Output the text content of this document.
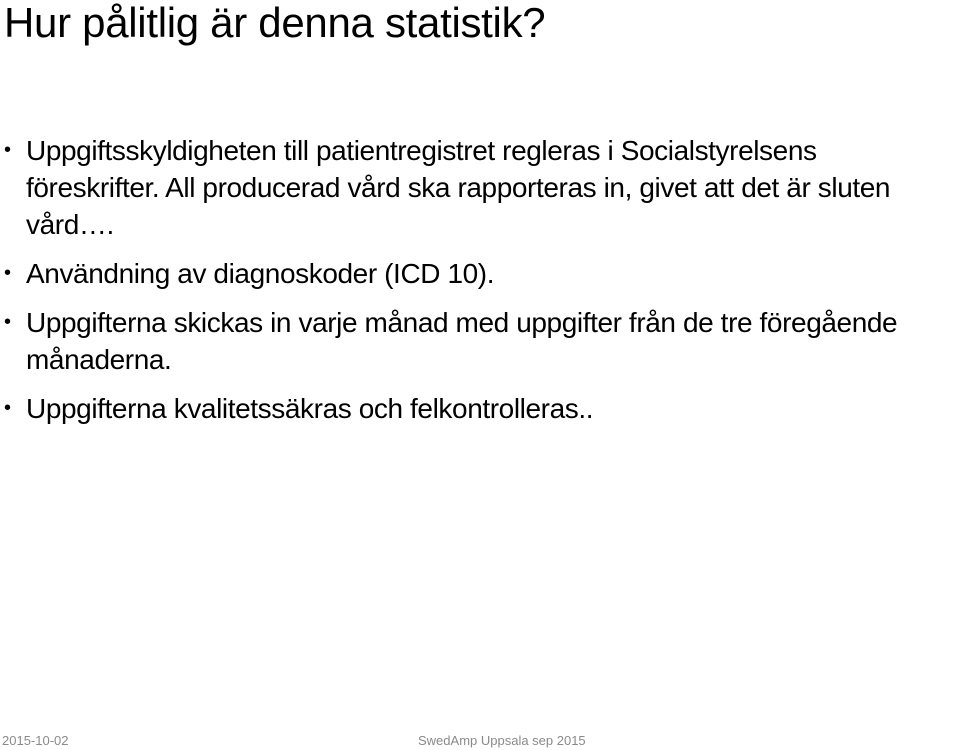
Hur pålitlig är denna statistik?
• Uppgiftsskyldigheten till patientregistret regleras i Socialstyrelsens föreskrifter. All producerad vård ska rapporteras in, givet att det är sluten vård….
• Användning av diagnoskoder (ICD 10).
• Uppgifterna skickas in varje månad med uppgifter från de tre föregående månaderna.
• Uppgifterna kvalitetssäkras och felkontrolleras..
2015-10-02	SwedAmp Uppsala sep 2015
